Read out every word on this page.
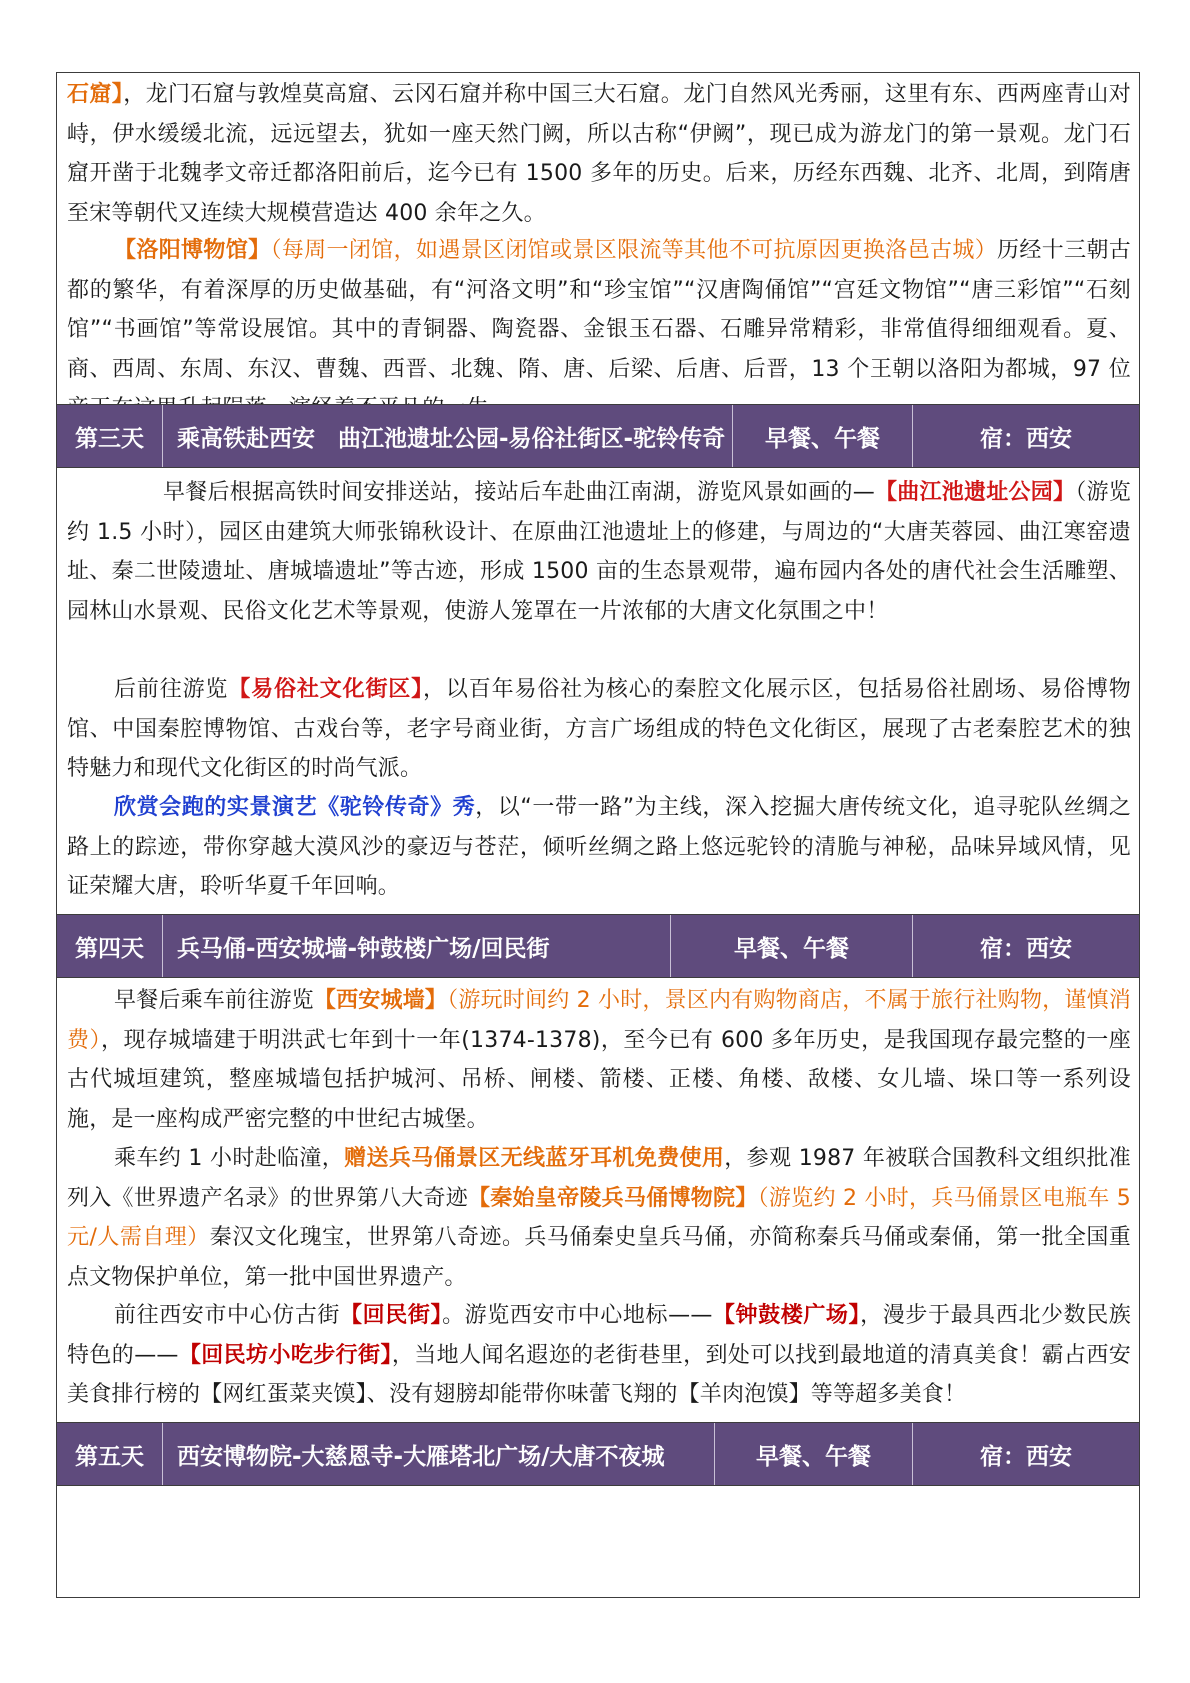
石窟】，龙门石窟与敦煌莫高窟、云冈石窟并称中国三大石窟。龙门自然风光秀丽，这里有东、西两座青山对峙，伊水缓缓北流，远远望去，犹如一座天然门阙，所以古称“伊阙”，现已成为游龙门的第一景观。龙门石窟开凿于北魏孝文帝迁都洛阳前后，迄今已有 1500 多年的历史。后来，历经东西魏、北齐、北周，到隋唐至宋等朝代又连续大规模营造达 400 余年之久。

【洛阳博物馆】（每周一闭馆，如遇景区闭馆或景区限流等其他不可抗原因更换洛邑古城）历经十三朝古都的繁华，有着深厚的历史做基础，有“河洛文明”和“珍宝馆”“汉唐陶俑馆”“宫廷文物馆”“唐三彩馆”“石刻馆”“书画馆”等常设展馆。其中的青铜器、陶瓷器、金银玉石器、石雕异常精彩，非常值得细细观看。夏、商、西周、东周、东汉、曹魏、西晋、北魏、隋、唐、后梁、后唐、后晋，13 个王朝以洛阳为都城，97 位

第三天	乘高铁赴西安　曲江池遗址公园-易俗社街区-驼铃传奇	早餐、午餐	宿：西安

早餐后根据高铁时间安排送站，接站后车赴曲江南湖，游览风景如画的—【曲江池遗址公园】（游览约 1.5 小时），园区由建筑大师张锦秋设计、在原曲江池遗址上的修建，与周边的“大唐芙蓉园、曲江寒窑遗址、秦二世陵遗址、唐城墙遗址”等古迹，形成 1500 亩的生态景观带，遍布园内各处的唐代社会生活雕塑、园林山水景观、民俗文化艺术等景观，使游人笼罩在一片浓郁的大唐文化氛围之中！

后前往游览【易俗社文化街区】，以百年易俗社为核心的秦腔文化展示区，包括易俗社剧场、易俗博物馆、中国秦腔博物馆、古戏台等，老字号商业街，方言广场组成的特色文化街区，展现了古老秦腔艺术的独特魅力和现代文化街区的时尚气派。

欣赏会跑的实景演艺《驼铃传奇》秀，以“一带一路”为主线，深入挖掘大唐传统文化，追寻驼队丝绸之路上的踪迹，带你穿越大漠风沙的豪迈与苍茫，倾听丝绸之路上悠远驼铃的清脆与神秘，品味异域风情，见证荣耀大唐，聆听华夏千年回响。

第四天	兵马俑-西安城墙-钟鼓楼广场/回民街	早餐、午餐	宿：西安

早餐后乘车前往游览【西安城墙】（游玩时间约 2 小时，景区内有购物商店，不属于旅行社购物，谨慎消费），现存城墙建于明洪武七年到十一年(1374-1378)，至今已有 600 多年历史，是我国现存最完整的一座古代城垣建筑，整座城墙包括护城河、吊桥、闸楼、箭楼、正楼、角楼、敌楼、女儿墙、垛口等一系列设施，是一座构成严密完整的中世纪古城堡。

乘车约 1 小时赴临潼，赠送兵马俑景区无线蓝牙耳机免费使用，参观 1987 年被联合国教科文组织批准列入《世界遗产名录》的世界第八大奇迹【秦始皇帝陵兵马俑博物院】（游览约 2 小时，兵马俑景区电瓶车 5 元/人需自理）秦汉文化瑰宝，世界第八奇迹。兵马俑秦史皇兵马俑，亦简称秦兵马俑或秦俑，第一批全国重点文物保护单位，第一批中国世界遗产。

前往西安市中心仿古街【回民街】。游览西安市中心地标——【钟鼓楼广场】，漫步于最具西北少数民族特色的——【回民坊小吃步行街】，当地人闻名遐迩的老街巷里，到处可以找到最地道的清真美食！霸占西安美食排行榜的【网红蛋菜夹馍】、没有翅膀却能带你味蕾飞翔的【羊肉泡馍】等等超多美食！

第五天	西安博物院-大慈恩寺-大雁塔北广场/大唐不夜城	早餐、午餐	宿：西安
